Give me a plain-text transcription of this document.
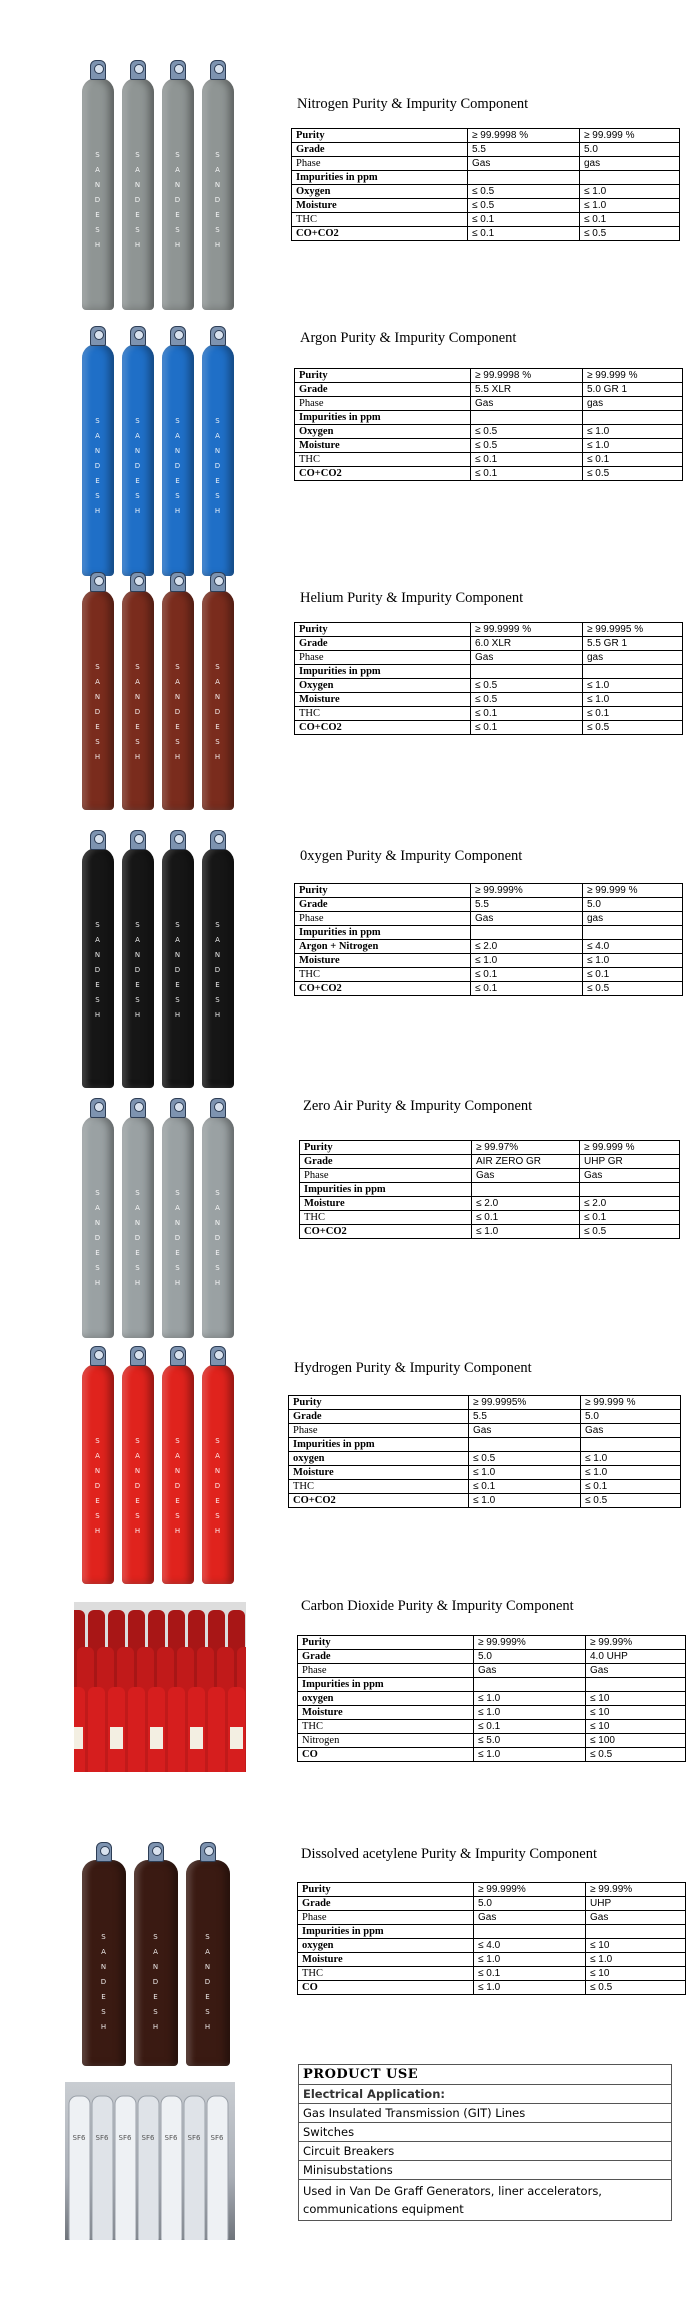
S
A
N
D
E
S
H
S
A
N
D
E
S
H
S
A
N
D
E
S
H
S
A
N
D
E
S
H
Nitrogen Purity & Impurity Component
Purity	≥ 99.9998 %	≥ 99.999 %
Grade	5.5	5.0
Phase	Gas	gas
Impurities in ppm		
Oxygen	≤ 0.5	≤ 1.0
Moisture	≤ 0.5	≤ 1.0
THC	≤ 0.1	≤ 0.1
CO+CO2	≤ 0.1	≤ 0.5
S
A
N
D
E
S
H
S
A
N
D
E
S
H
S
A
N
D
E
S
H
S
A
N
D
E
S
H
Argon Purity & Impurity Component
Purity	≥ 99.9998 %	≥ 99.999 %
Grade	5.5 XLR	5.0 GR 1
Phase	Gas	gas
Impurities in ppm		
Oxygen	≤ 0.5	≤ 1.0
Moisture	≤ 0.5	≤ 1.0
THC	≤ 0.1	≤ 0.1
CO+CO2	≤ 0.1	≤ 0.5
S
A
N
D
E
S
H
S
A
N
D
E
S
H
S
A
N
D
E
S
H
S
A
N
D
E
S
H
Helium Purity & Impurity Component
Purity	≥ 99.9999 %	≥ 99.9995 %
Grade	6.0 XLR	5.5 GR 1
Phase	Gas	gas
Impurities in ppm		
Oxygen	≤ 0.5	≤ 1.0
Moisture	≤ 0.5	≤ 1.0
THC	≤ 0.1	≤ 0.1
CO+CO2	≤ 0.1	≤ 0.5
S
A
N
D
E
S
H
S
A
N
D
E
S
H
S
A
N
D
E
S
H
S
A
N
D
E
S
H
0xygen Purity & Impurity Component
Purity	≥ 99.999%	≥ 99.999 %
Grade	5.5	5.0
Phase	Gas	gas
Impurities in ppm		
Argon + Nitrogen	≤ 2.0	≤ 4.0
Moisture	≤ 1.0	≤ 1.0
THC	≤ 0.1	≤ 0.1
CO+CO2	≤ 0.1	≤ 0.5
S
A
N
D
E
S
H
S
A
N
D
E
S
H
S
A
N
D
E
S
H
S
A
N
D
E
S
H
Zero Air Purity & Impurity Component
Purity	≥ 99.97%	≥ 99.999 %
Grade	AIR ZERO GR	UHP GR
Phase	Gas	Gas
Impurities in ppm		
Moisture	≤ 2.0	≤ 2.0
THC	≤ 0.1	≤ 0.1
CO+CO2	≤ 1.0	≤ 0.5
S
A
N
D
E
S
H
S
A
N
D
E
S
H
S
A
N
D
E
S
H
S
A
N
D
E
S
H
Hydrogen Purity & Impurity Component
Purity	≥ 99.9995%	≥ 99.999 %
Grade	5.5	5.0
Phase	Gas	Gas
Impurities in ppm		
oxygen	≤ 0.5	≤ 1.0
Moisture	≤ 1.0	≤ 1.0
THC	≤ 0.1	≤ 0.1
CO+CO2	≤ 1.0	≤ 0.5
Carbon Dioxide Purity & Impurity Component
Purity	≥ 99.999%	≥ 99.99%
Grade	5.0	4.0 UHP
Phase	Gas	Gas
Impurities in ppm		
oxygen	≤ 1.0	≤ 10
Moisture	≤ 1.0	≤ 10
THC	≤ 0.1	≤ 10
Nitrogen	≤ 5.0	≤ 100
CO	≤ 1.0	≤ 0.5
S
A
N
D
E
S
H
S
A
N
D
E
S
H
S
A
N
D
E
S
H
Dissolved acetylene Purity & Impurity Component
Purity	≥ 99.999%	≥ 99.99%
Grade	5.0	UHP
Phase	Gas	Gas
Impurities in ppm		
oxygen	≤ 4.0	≤ 10
Moisture	≤ 1.0	≤ 1.0
THC	≤ 0.1	≤ 10
CO	≤ 1.0	≤ 0.5
SF6 SF6 SF6 SF6 SF6 SF6 SF6
PRODUCT USE
Electrical Application:
Gas Insulated Transmission (GIT) Lines
Switches
Circuit Breakers
Minisubstations
Used in Van De Graff Generators, liner accelerators, communications equipment
